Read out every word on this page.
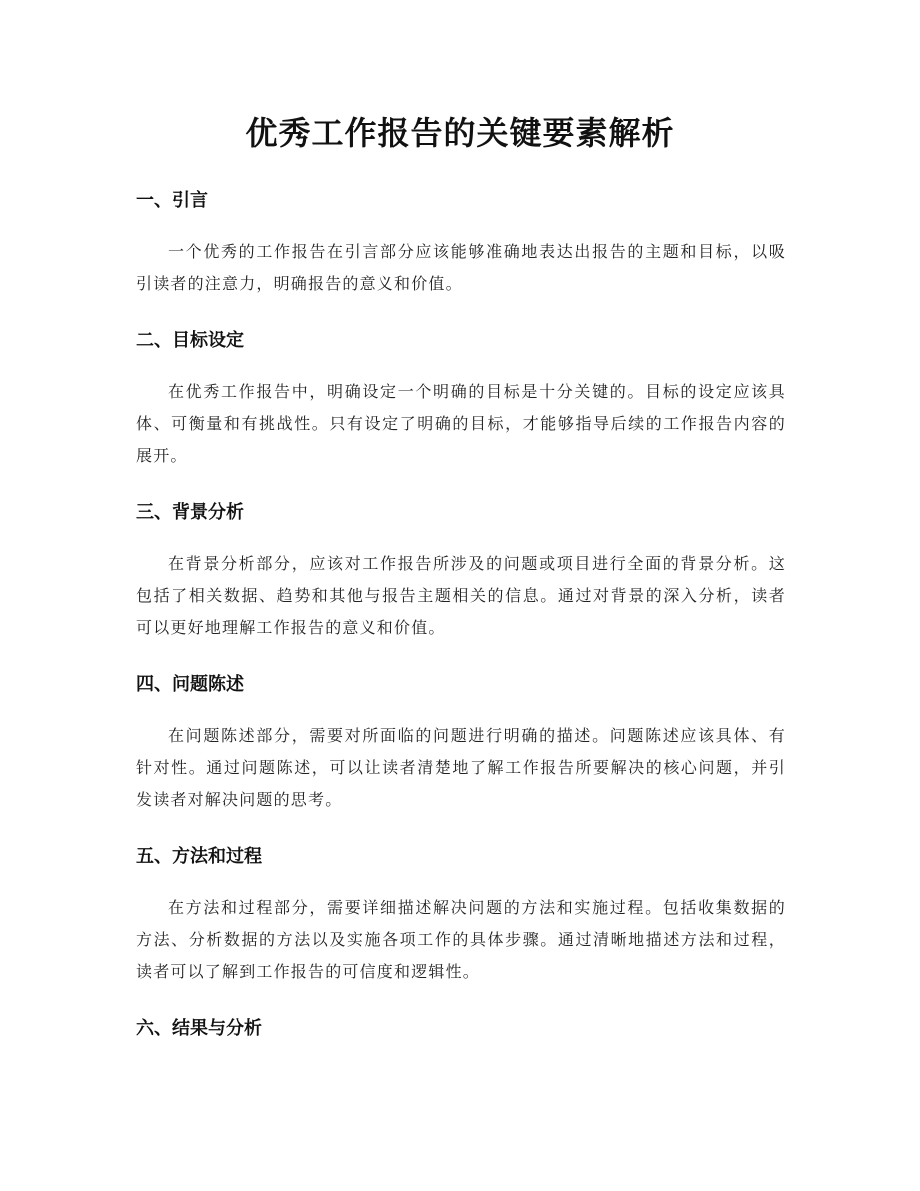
优秀工作报告的关键要素解析
一、引言

一个优秀的工作报告在引言部分应该能够准确地表达出报告的主题和目标，以吸引读者的注意力，明确报告的意义和价值。

二、目标设定

在优秀工作报告中，明确设定一个明确的目标是十分关键的。目标的设定应该具体、可衡量和有挑战性。只有设定了明确的目标，才能够指导后续的工作报告内容的展开。

三、背景分析

在背景分析部分，应该对工作报告所涉及的问题或项目进行全面的背景分析。这包括了相关数据、趋势和其他与报告主题相关的信息。通过对背景的深入分析，读者可以更好地理解工作报告的意义和价值。

四、问题陈述

在问题陈述部分，需要对所面临的问题进行明确的描述。问题陈述应该具体、有针对性。通过问题陈述，可以让读者清楚地了解工作报告所要解决的核心问题，并引发读者对解决问题的思考。

五、方法和过程

在方法和过程部分，需要详细描述解决问题的方法和实施过程。包括收集数据的方法、分析数据的方法以及实施各项工作的具体步骤。通过清晰地描述方法和过程，读者可以了解到工作报告的可信度和逻辑性。

六、结果与分析
